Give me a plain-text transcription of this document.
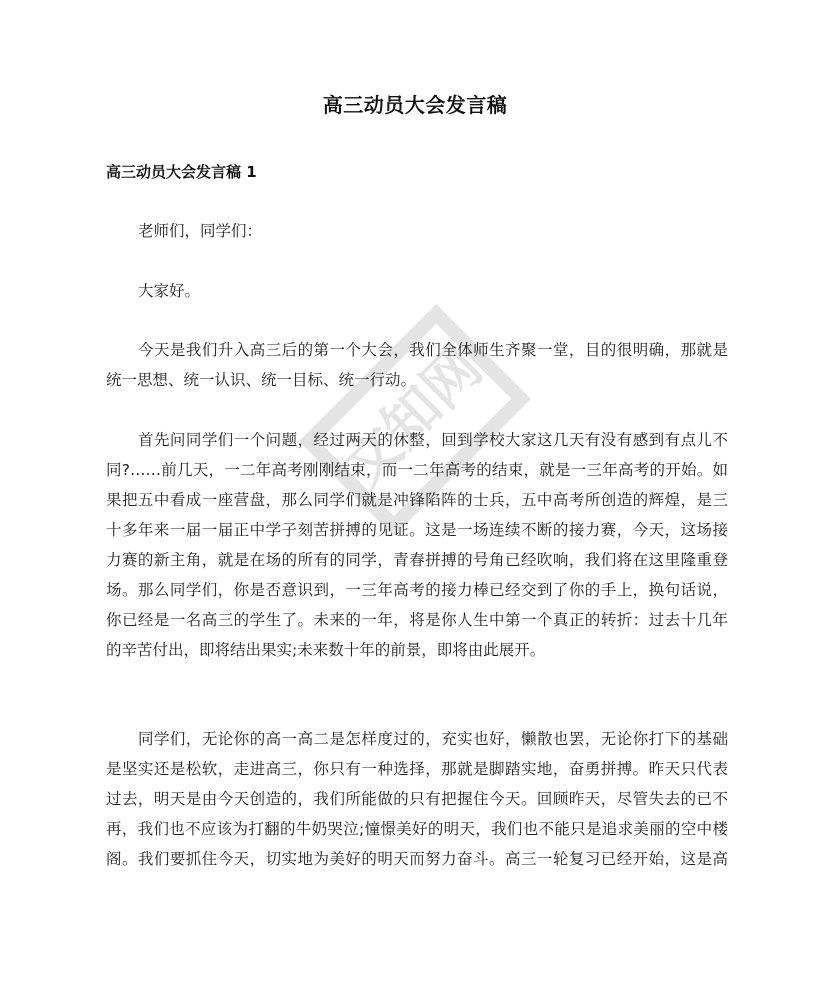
文知网
高三动员大会发言稿
高三动员大会发言稿 1
老师们，同学们：
大家好。
今天是我们升入高三后的第一个大会，我们全体师生齐聚一堂，目的很明确，那就是
统一思想、统一认识、统一目标、统一行动。
首先问同学们一个问题，经过两天的休整，回到学校大家这几天有没有感到有点儿不
同?……前几天，一二年高考刚刚结束，而一二年高考的结束，就是一三年高考的开始。如
果把五中看成一座营盘，那么同学们就是冲锋陷阵的士兵，五中高考所创造的辉煌，是三
十多年来一届一届正中学子刻苦拼搏的见证。这是一场连续不断的接力赛，今天，这场接
力赛的新主角，就是在场的所有的同学，青春拼搏的号角已经吹响，我们将在这里隆重登
场。那么同学们，你是否意识到，一三年高考的接力棒已经交到了你的手上，换句话说，
你已经是一名高三的学生了。未来的一年，将是你人生中第一个真正的转折：过去十几年
的辛苦付出，即将结出果实;未来数十年的前景，即将由此展开。
同学们，无论你的高一高二是怎样度过的，充实也好，懒散也罢，无论你打下的基础
是坚实还是松软，走进高三，你只有一种选择，那就是脚踏实地，奋勇拼搏。昨天只代表
过去，明天是由今天创造的，我们所能做的只有把握住今天。回顾昨天，尽管失去的已不
再，我们也不应该为打翻的牛奶哭泣;憧憬美好的明天，我们也不能只是追求美丽的空中楼
阁。我们要抓住今天，切实地为美好的明天而努力奋斗。高三一轮复习已经开始，这是高
